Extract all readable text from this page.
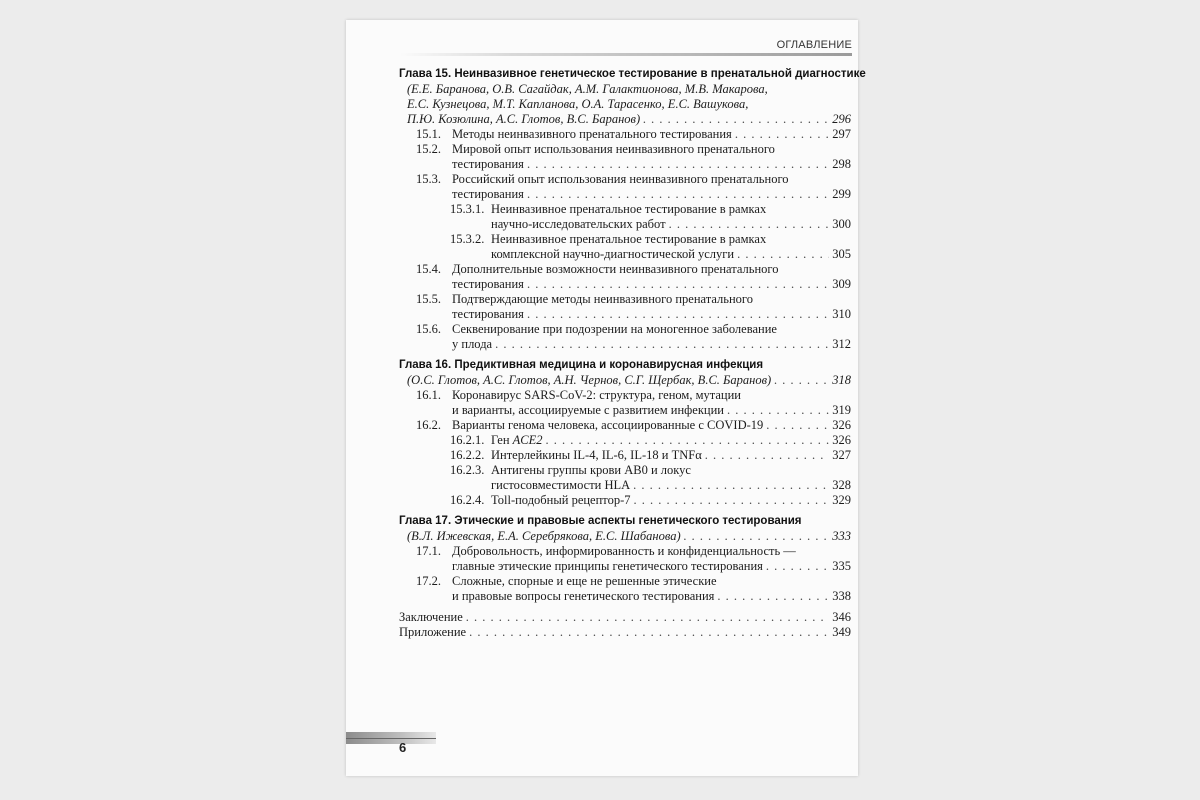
ОГЛАВЛЕНИЕ
Глава 15. Неинвазивное генетическое тестирование в пренатальной диагностике
(Е.Е. Баранова, О.В. Сагайдак, А.М. Галактионова, М.В. Макарова,
Е.С. Кузнецова, М.Т. Капланова, О.А. Тарасенко, Е.С. Вашукова,
П.Ю. Козюлина, А.С. Глотов, В.С. Баранов) . . .	296
15.1. Методы неинвазивного пренатального тестирования . . .	297
15.2. Мировой опыт использования неинвазивного пренатального
тестирования . . .	298
15.3. Российский опыт использования неинвазивного пренатального
тестирования . . .	299
15.3.1. Неинвазивное пренатальное тестирование в рамках
научно-исследовательских работ . . .	300
15.3.2. Неинвазивное пренатальное тестирование в рамках
комплексной научно-диагностической услуги . . .	305
15.4. Дополнительные возможности неинвазивного пренатального
тестирования . . .	309
15.5. Подтверждающие методы неинвазивного пренатального
тестирования . . .	310
15.6. Секвенирование при подозрении на моногенное заболевание
у плода . . .	312
Глава 16. Предиктивная медицина и коронавирусная инфекция
(О.С. Глотов, А.С. Глотов, А.Н. Чернов, С.Г. Щербак, В.С. Баранов) . . .	318
16.1. Коронавирус SARS-CoV-2: структура, геном, мутации
и варианты, ассоциируемые с развитием инфекции . . .	319
16.2. Варианты генома человека, ассоциированные с COVID-19 . . .	326
16.2.1. Ген ACE2 . . .	326
16.2.2. Интерлейкины IL-4, IL-6, IL-18 и TNFα . . .	327
16.2.3. Антигены группы крови AB0 и локус
гистосовместимости HLA . . .	328
16.2.4. Toll-подобный рецептор-7 . . .	329
Глава 17. Этические и правовые аспекты генетического тестирования
(В.Л. Ижевская, Е.А. Серебрякова, Е.С. Шабанова) . . .	333
17.1. Добровольность, информированность и конфиденциальность —
главные этические принципы генетического тестирования . . .	335
17.2. Сложные, спорные и еще не решенные этические
и правовые вопросы генетического тестирования . . .	338
Заключение . . .	346
Приложение . . .	349
6
